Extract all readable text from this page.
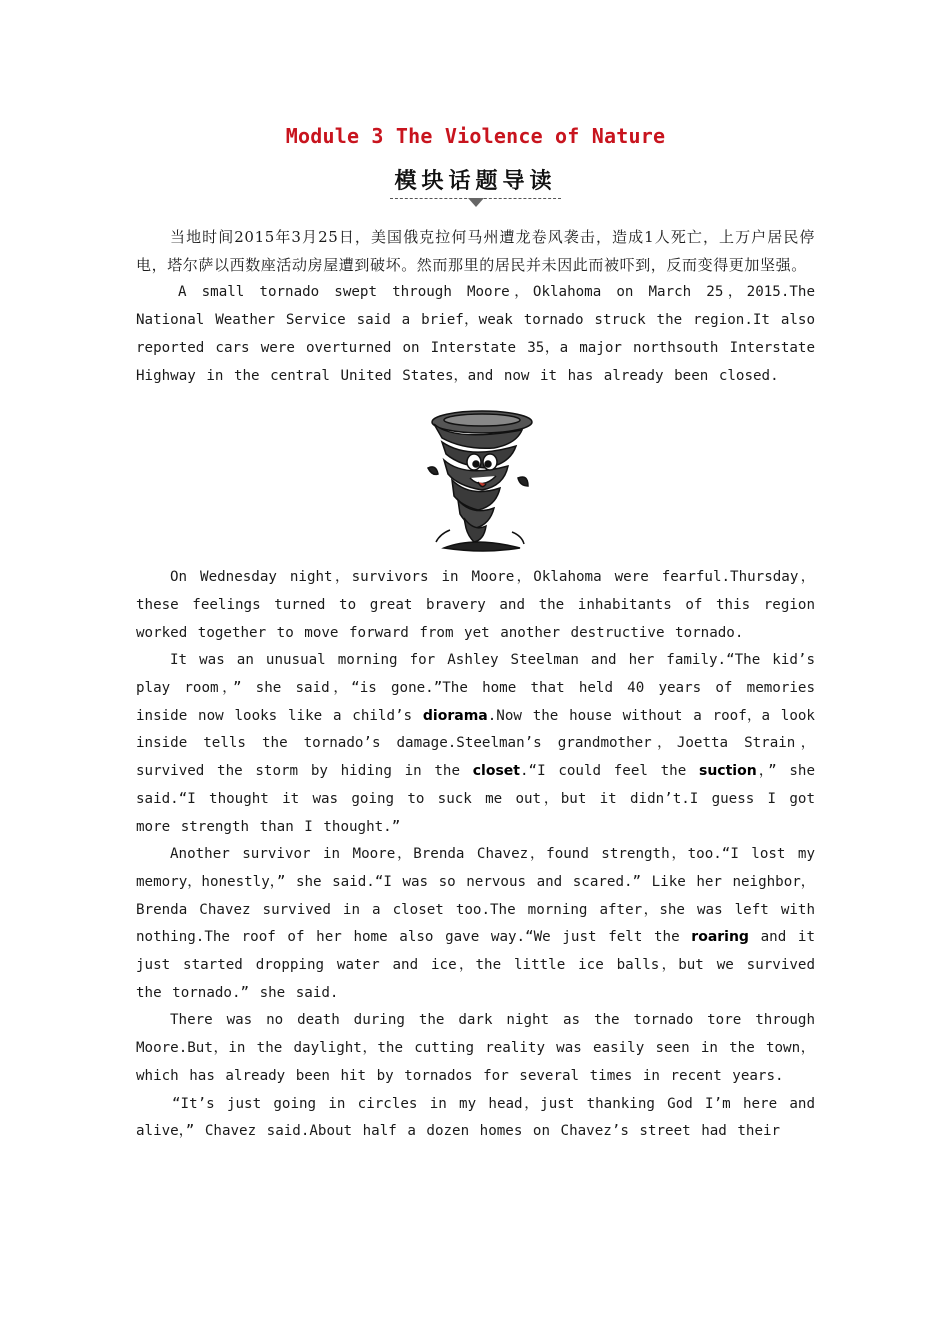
Module 3 The Violence of Nature
模块话题导读

当地时间2015年3月25日，美国俄克拉何马州遭龙卷风袭击，造成1人死亡，上万户居民停电，塔尔萨以西数座活动房屋遭到破坏。然而那里的居民并未因此而被吓到，反而变得更加坚强。

A small tornado swept through Moore，Oklahoma on March 25，2015.The National Weather Service said a brief，weak tornado struck the region.It also reported cars were overturned on Interstate 35，a major northsouth Interstate Highway in the central United States，and now it has already been closed.

On Wednesday night，survivors in Moore，Oklahoma were fearful.Thursday，these feelings turned to great bravery and the inhabitants of this region worked together to move forward from yet another destructive tornado.

It was an unusual morning for Ashley Steelman and her family.“The kid’s play room，” she said，“is gone.”The home that held 40 years of memories inside now looks like a child’s diorama.Now the house without a roof，a look inside tells the tornado’s damage.Steelman’s grandmother，Joetta Strain，survived the storm by hiding in the closet.“I could feel the suction，” she said.“I thought it was going to suck me out，but it didn’t.I guess I got more strength than I thought.”

Another survivor in Moore，Brenda Chavez，found strength，too.“I lost my memory，honestly，” she said.“I was so nervous and scared.” Like her neighbor，Brenda Chavez survived in a closet too.The morning after，she was left with nothing.The roof of her home also gave way.“We just felt the roaring and it just started dropping water and ice，the little ice balls，but we survived the tornado.” she said.

There was no death during the dark night as the tornado tore through Moore.But，in the daylight，the cutting reality was easily seen in the town，which has already been hit by tornados for several times in recent years.

“It’s just going in circles in my head，just thanking God I’m here and alive，” Chavez said.About half a dozen homes on Chavez’s street had their
